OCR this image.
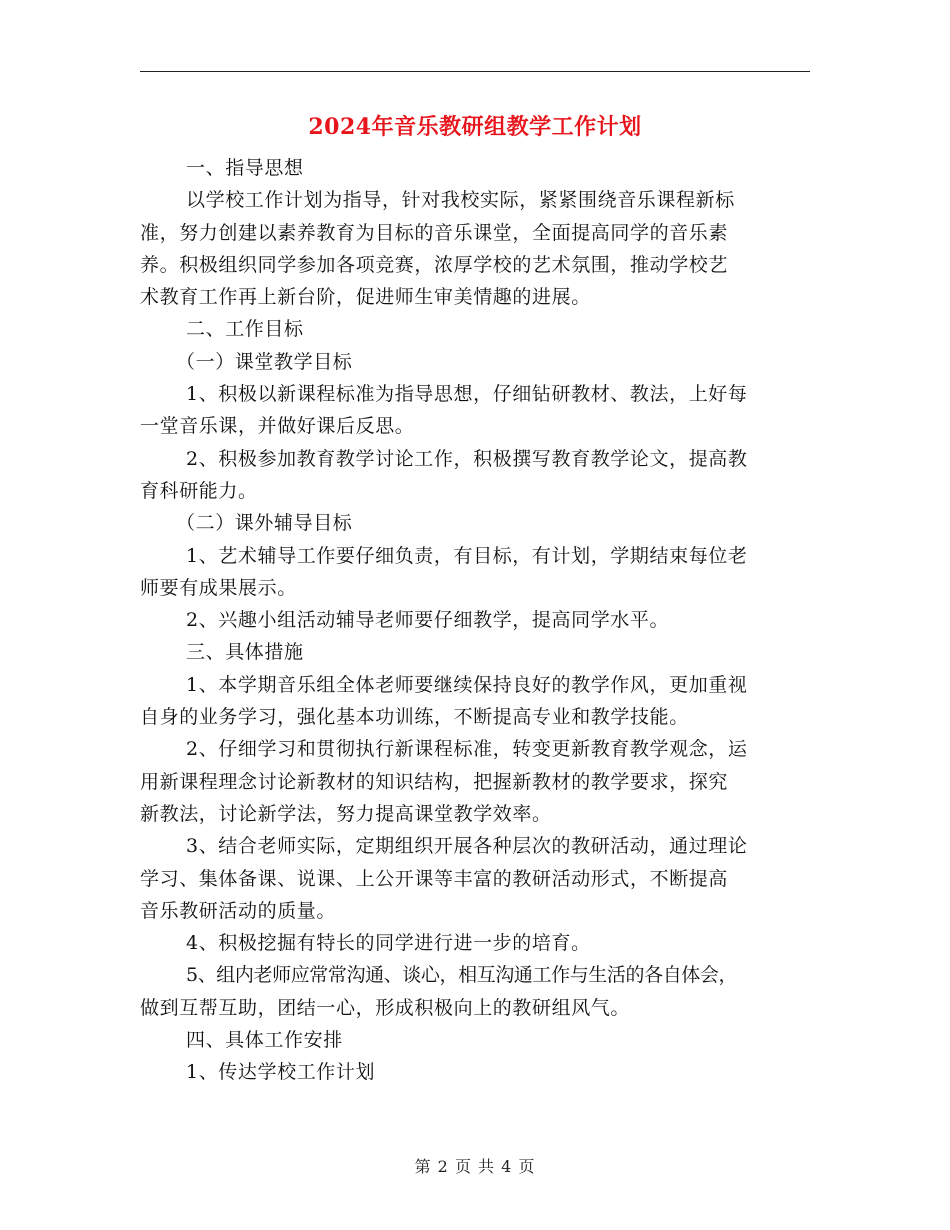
2024年音乐教研组教学工作计划
一、指导思想
以学校工作计划为指导，针对我校实际，紧紧围绕音乐课程新标
准，努力创建以素养教育为目标的音乐课堂，全面提高同学的音乐素
养。积极组织同学参加各项竞赛，浓厚学校的艺术氛围，推动学校艺
术教育工作再上新台阶，促进师生审美情趣的进展。
二、工作目标
（一）课堂教学目标
1、积极以新课程标准为指导思想，仔细钻研教材、教法，上好每
一堂音乐课，并做好课后反思。
2、积极参加教育教学讨论工作，积极撰写教育教学论文，提高教
育科研能力。
（二）课外辅导目标
1、艺术辅导工作要仔细负责，有目标，有计划，学期结束每位老
师要有成果展示。
2、兴趣小组活动辅导老师要仔细教学，提高同学水平。
三、具体措施
1、本学期音乐组全体老师要继续保持良好的教学作风，更加重视
自身的业务学习，强化基本功训练，不断提高专业和教学技能。
2、仔细学习和贯彻执行新课程标准，转变更新教育教学观念，运
用新课程理念讨论新教材的知识结构，把握新教材的教学要求，探究
新教法，讨论新学法，努力提高课堂教学效率。
3、结合老师实际，定期组织开展各种层次的教研活动，通过理论
学习、集体备课、说课、上公开课等丰富的教研活动形式，不断提高
音乐教研活动的质量。
4、积极挖掘有特长的同学进行进一步的培育。
5、组内老师应常常沟通、谈心，相互沟通工作与生活的各自体会，
做到互帮互助，团结一心，形成积极向上的教研组风气。
四、具体工作安排
1、传达学校工作计划
第 2 页 共 4 页
